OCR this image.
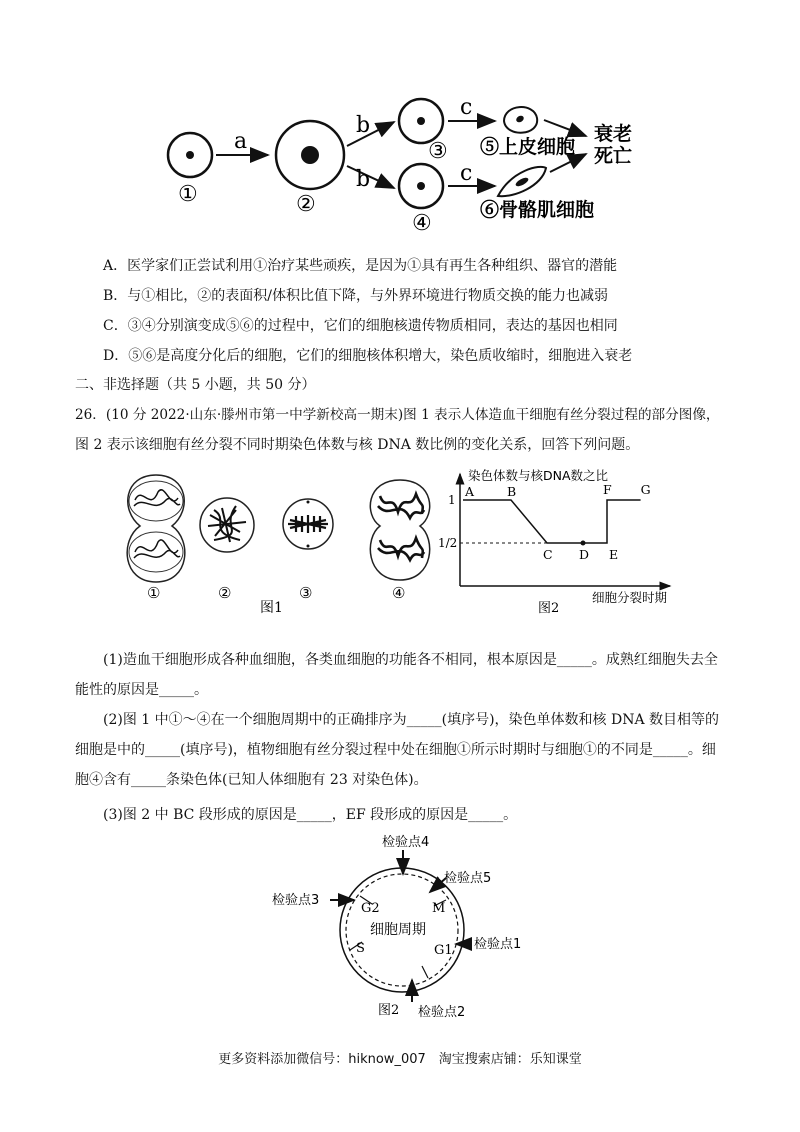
①
a
②
b
b
③
④
c
c
⑤上皮细胞
⑥骨骼肌细胞
衰老
死亡
A．医学家们正尝试利用①治疗某些顽疾，是因为①具有再生各种组织、器官的潜能
B．与①相比，②的表面积/体积比值下降，与外界环境进行物质交换的能力也减弱
C．③④分别演变成⑤⑥的过程中，它们的细胞核遗传物质相同，表达的基因也相同
D．⑤⑥是高度分化后的细胞，它们的细胞核体积增大，染色质收缩时，细胞进入衰老
二、非选择题（共 5 小题，共 50 分）
26．(10 分 2022·山东·滕州市第一中学新校高一期末)图 1 表示人体造血干细胞有丝分裂过程的部分图像，
图 2 表示该细胞有丝分裂不同时期染色体数与核 DNA 数比例的变化关系，回答下列问题。
①	②	③	④
图1
染色体数与核DNA数之比
细胞分裂时期
图2
1
1/2
A	B
C D E
F G
(1)造血干细胞形成各种血细胞，各类血细胞的功能各不相同，根本原因是_____。成熟红细胞失去全能性的原因是_____。
(2)图 1 中①～④在一个细胞周期中的正确排序为_____(填序号)，染色单体数和核 DNA 数目相等的细胞是中的_____(填序号)，植物细胞有丝分裂过程中处在细胞①所示时期时与细胞①的不同是_____。细胞④含有_____条染色体(已知人体细胞有 23 对染色体)。
(3)图 2 中 BC 段形成的原因是_____，EF 段形成的原因是_____。
G2	M
S	G1
细胞周期
检验点4
检验点5
检验点3
检验点1
图2 检验点2
更多资料添加微信号：hiknow_007　淘宝搜索店铺：乐知课堂
